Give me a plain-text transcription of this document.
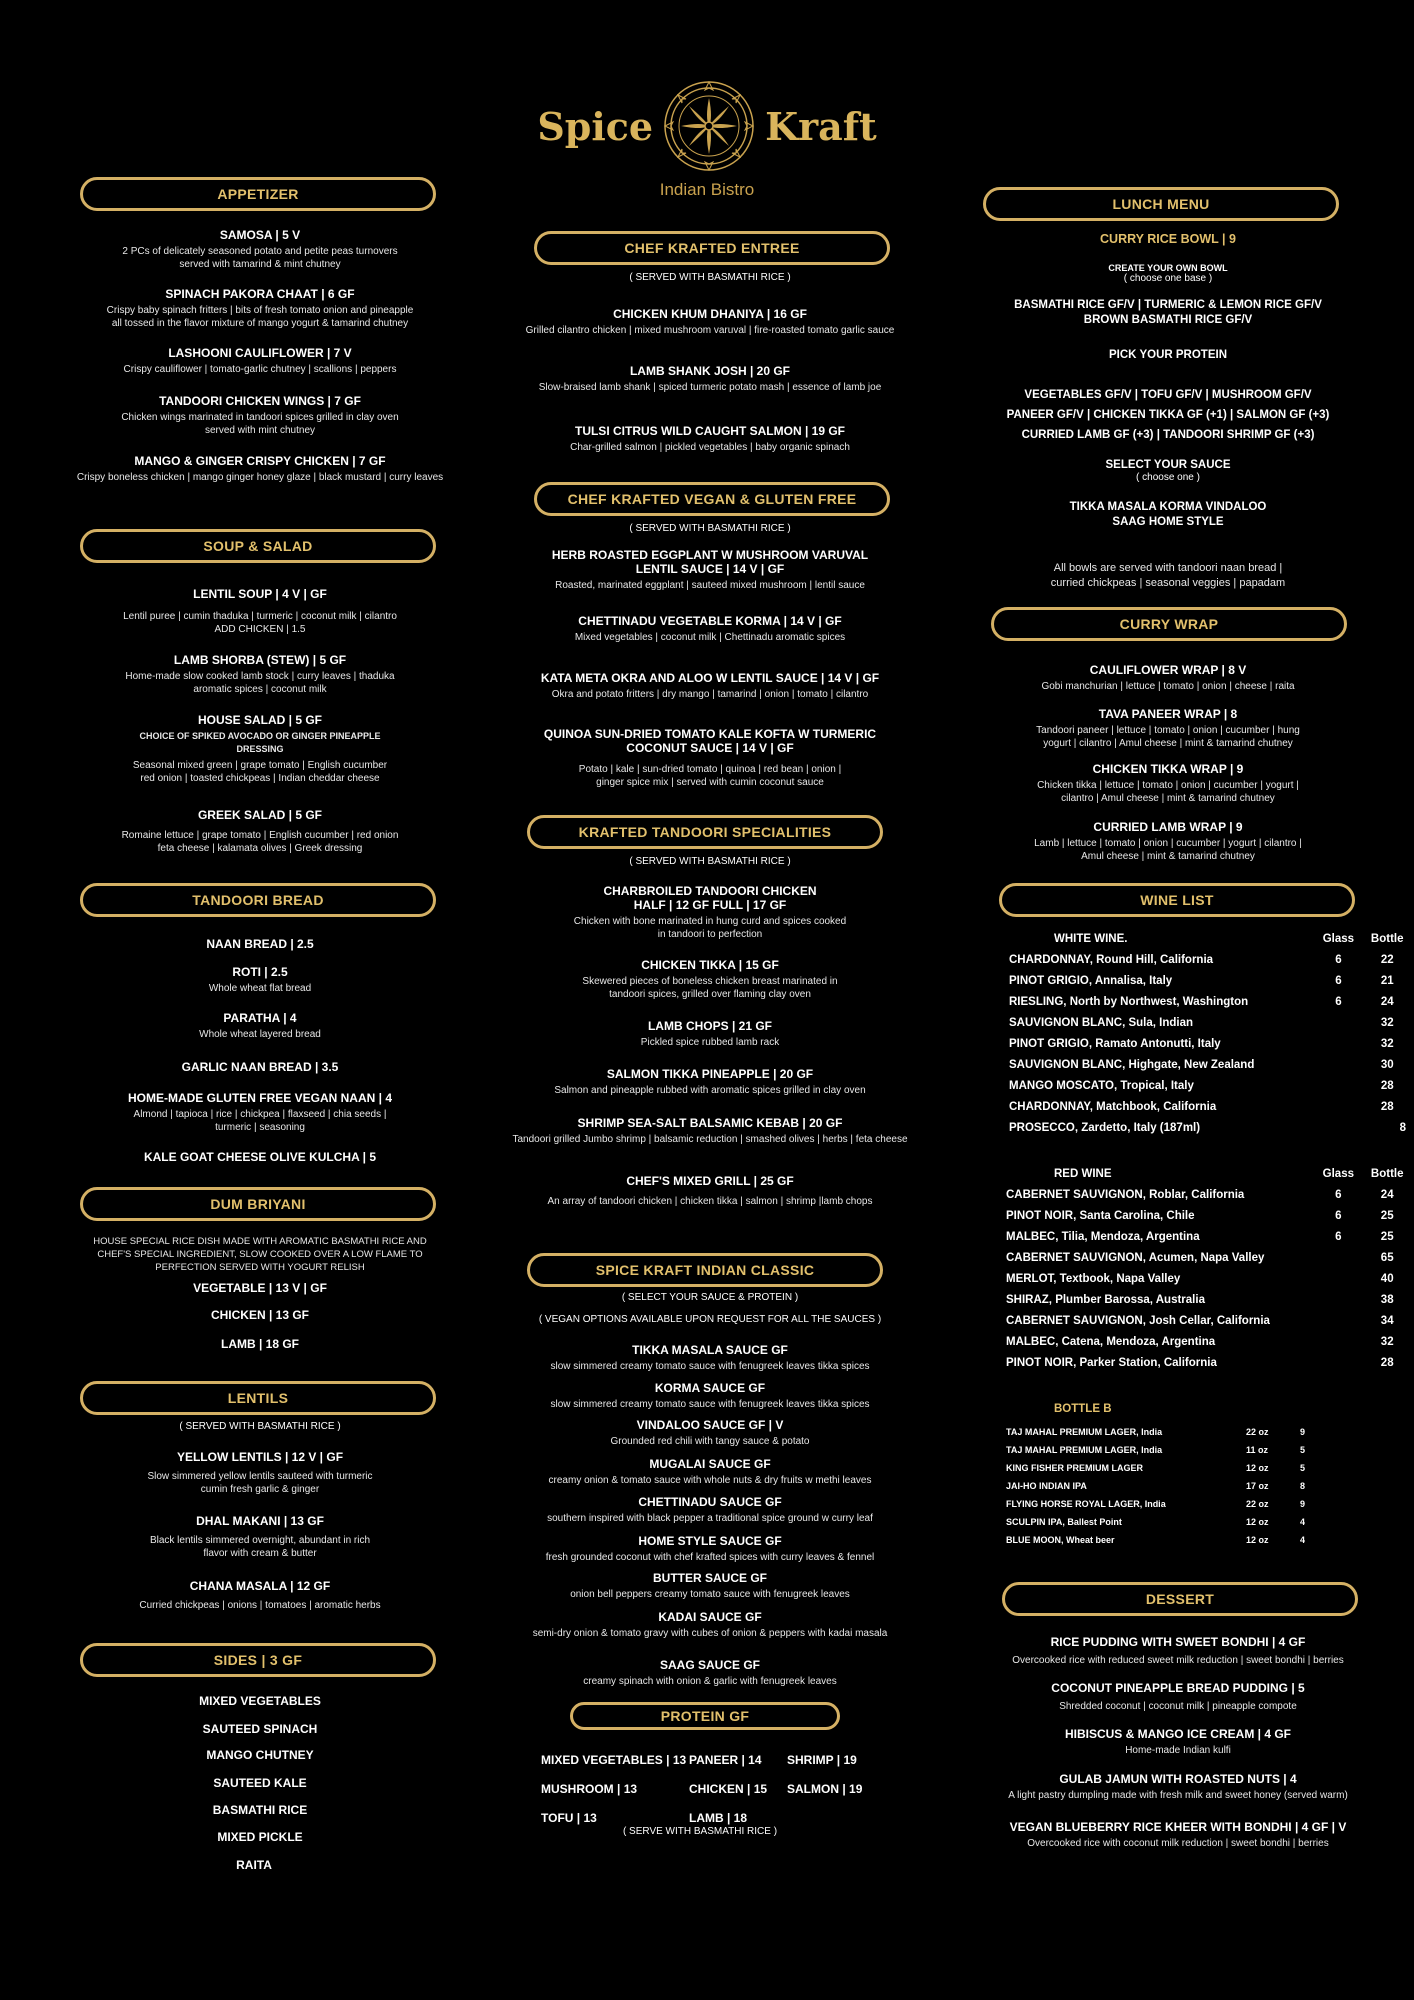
Spice	Kraft
Indian Bistro
APPETIZER
SAMOSA | 5 V
2 PCs of delicately seasoned potato and petite peas turnovers
served with tamarind & mint chutney
SPINACH PAKORA CHAAT | 6 GF
Crispy baby spinach fritters | bits of fresh tomato onion and pineapple
all tossed in the flavor mixture of mango yogurt & tamarind chutney
LASHOONI CAULIFLOWER | 7 V
Crispy cauliflower | tomato-garlic chutney | scallions | peppers
TANDOORI CHICKEN WINGS | 7 GF
Chicken wings marinated in tandoori spices grilled in clay oven
served with mint chutney
MANGO & GINGER CRISPY CHICKEN | 7 GF
Crispy boneless chicken | mango ginger honey glaze | black mustard | curry leaves
SOUP & SALAD
LENTIL SOUP | 4 V | GF
Lentil puree | cumin thaduka | turmeric | coconut milk | cilantro
ADD CHICKEN | 1.5
LAMB SHORBA (STEW) | 5 GF
Home-made slow cooked lamb stock | curry leaves | thaduka
aromatic spices | coconut milk
HOUSE SALAD | 5 GF
CHOICE OF SPIKED AVOCADO OR GINGER PINEAPPLE
DRESSING
Seasonal mixed green | grape tomato | English cucumber
red onion | toasted chickpeas | Indian cheddar cheese
GREEK SALAD | 5 GF
Romaine lettuce | grape tomato | English cucumber | red onion
feta cheese | kalamata olives | Greek dressing
TANDOORI BREAD
NAAN BREAD | 2.5
ROTI | 2.5
Whole wheat flat bread
PARATHA | 4
Whole wheat layered bread
GARLIC NAAN BREAD | 3.5
HOME-MADE GLUTEN FREE VEGAN NAAN | 4
Almond | tapioca | rice | chickpea | flaxseed | chia seeds |
turmeric | seasoning
KALE GOAT CHEESE OLIVE KULCHA | 5
DUM BRIYANI
HOUSE SPECIAL RICE DISH MADE WITH AROMATIC BASMATHI RICE AND
CHEF'S SPECIAL INGREDIENT, SLOW COOKED OVER A LOW FLAME TO
PERFECTION SERVED WITH YOGURT RELISH
VEGETABLE | 13 V | GF
CHICKEN | 13 GF
LAMB | 18 GF
LENTILS
( SERVED WITH BASMATHI RICE )
YELLOW LENTILS | 12 V | GF
Slow simmered yellow lentils sauteed with turmeric
cumin fresh garlic & ginger
DHAL MAKANI | 13 GF
Black lentils simmered overnight, abundant in rich
flavor with cream & butter
CHANA MASALA | 12 GF
Curried chickpeas | onions | tomatoes | aromatic herbs
SIDES | 3 GF
MIXED VEGETABLES
SAUTEED SPINACH
MANGO CHUTNEY
SAUTEED KALE
BASMATHI RICE
MIXED PICKLE
RAITA
CHEF KRAFTED ENTREE
( SERVED WITH BASMATHI RICE )
CHICKEN KHUM DHANIYA | 16 GF
Grilled cilantro chicken | mixed mushroom varuval | fire-roasted tomato garlic sauce
LAMB SHANK JOSH | 20 GF
Slow-braised lamb shank | spiced turmeric potato mash | essence of lamb joe
TULSI CITRUS WILD CAUGHT SALMON | 19 GF
Char-grilled salmon | pickled vegetables | baby organic spinach
CHEF KRAFTED VEGAN & GLUTEN FREE
( SERVED WITH BASMATHI RICE )
HERB ROASTED EGGPLANT W MUSHROOM VARUVAL
LENTIL SAUCE | 14 V | GF
Roasted, marinated eggplant | sauteed mixed mushroom | lentil sauce
CHETTINADU VEGETABLE KORMA | 14 V | GF
Mixed vegetables | coconut milk | Chettinadu aromatic spices
KATA META OKRA AND ALOO W LENTIL SAUCE | 14 V | GF
Okra and potato fritters | dry mango | tamarind | onion | tomato | cilantro
QUINOA SUN-DRIED TOMATO KALE KOFTA W TURMERIC
COCONUT SAUCE | 14 V | GF
Potato | kale | sun-dried tomato | quinoa | red bean | onion |
ginger spice mix | served with cumin coconut sauce
KRAFTED TANDOORI SPECIALITIES
( SERVED WITH BASMATHI RICE )
CHARBROILED TANDOORI CHICKEN
HALF | 12 GF FULL | 17 GF
Chicken with bone marinated in hung curd and spices cooked
in tandoori to perfection
CHICKEN TIKKA | 15 GF
Skewered pieces of boneless chicken breast marinated in
tandoori spices, grilled over flaming clay oven
LAMB CHOPS | 21 GF
Pickled spice rubbed lamb rack
SALMON TIKKA PINEAPPLE | 20 GF
Salmon and pineapple rubbed with aromatic spices grilled in clay oven
SHRIMP SEA-SALT BALSAMIC KEBAB | 20 GF
Tandoori grilled Jumbo shrimp | balsamic reduction | smashed olives | herbs | feta cheese
CHEF'S MIXED GRILL | 25 GF
An array of tandoori chicken | chicken tikka | salmon | shrimp |lamb chops
SPICE KRAFT INDIAN CLASSIC
( SELECT YOUR SAUCE & PROTEIN )
( VEGAN OPTIONS AVAILABLE UPON REQUEST FOR ALL THE SAUCES )
TIKKA MASALA SAUCE GF
slow simmered creamy tomato sauce with fenugreek leaves tikka spices
KORMA SAUCE GF
slow simmered creamy tomato sauce with fenugreek leaves tikka spices
VINDALOO SAUCE GF | V
Grounded red chili with tangy sauce & potato
MUGALAI SAUCE GF
creamy onion & tomato sauce with whole nuts & dry fruits w methi leaves
CHETTINADU SAUCE GF
southern inspired with black pepper a traditional spice ground w curry leaf
HOME STYLE SAUCE GF
fresh grounded coconut with chef krafted spices with curry leaves & fennel
BUTTER SAUCE GF
onion bell peppers creamy tomato sauce with fenugreek leaves
KADAI SAUCE GF
semi-dry onion & tomato gravy with cubes of onion & peppers with kadai masala
SAAG SAUCE GF
creamy spinach with onion & garlic with fenugreek leaves
PROTEIN GF
MIXED VEGETABLES | 13	PANEER | 14	SHRIMP | 19
MUSHROOM | 13	CHICKEN | 15	SALMON | 19
TOFU | 13	LAMB | 18	
( SERVE WITH BASMATHI RICE )
LUNCH MENU
CURRY RICE BOWL | 9
CREATE YOUR OWN BOWL
( choose one base )
BASMATHI RICE GF/V | TURMERIC & LEMON RICE GF/V
BROWN BASMATHI RICE GF/V
PICK YOUR PROTEIN
VEGETABLES GF/V | TOFU GF/V | MUSHROOM GF/V
PANEER GF/V | CHICKEN TIKKA GF (+1) | SALMON GF (+3)
CURRIED LAMB GF (+3) | TANDOORI SHRIMP GF (+3)
SELECT YOUR SAUCE
( choose one )
TIKKA MASALA KORMA VINDALOO
SAAG HOME STYLE
All bowls are served with tandoori naan bread |
curried chickpeas | seasonal veggies | papadam
CURRY WRAP
CAULIFLOWER WRAP | 8 V
Gobi manchurian | lettuce | tomato | onion | cheese | raita
TAVA PANEER WRAP | 8
Tandoori paneer | lettuce | tomato | onion | cucumber | hung
yogurt | cilantro | Amul cheese | mint & tamarind chutney
CHICKEN TIKKA WRAP | 9
Chicken tikka | lettuce | tomato | onion | cucumber | yogurt |
cilantro | Amul cheese | mint & tamarind chutney
CURRIED LAMB WRAP | 9
Lamb | lettuce | tomato | onion | cucumber | yogurt | cilantro |
Amul cheese | mint & tamarind chutney
WINE LIST
WHITE WINE.	Glass	Bottle
CHARDONNAY, Round Hill, California	6	22
PINOT GRIGIO, Annalisa, Italy	6	21
RIESLING, North by Northwest, Washington	6	24
SAUVIGNON BLANC, Sula, Indian		32
PINOT GRIGIO, Ramato Antonutti, Italy		32
SAUVIGNON BLANC, Highgate, New Zealand		30
MANGO MOSCATO, Tropical, Italy		28
CHARDONNAY, Matchbook, California		28
PROSECCO, Zardetto, Italy (187ml)		8
RED WINE	Glass	Bottle
CABERNET SAUVIGNON, Roblar, California	6	24
PINOT NOIR, Santa Carolina, Chile	6	25
MALBEC, Tilia, Mendoza, Argentina	6	25
CABERNET SAUVIGNON, Acumen, Napa Valley		65
MERLOT, Textbook, Napa Valley		40
SHIRAZ, Plumber Barossa, Australia		38
CABERNET SAUVIGNON, Josh Cellar, California		34
MALBEC, Catena, Mendoza, Argentina		32
PINOT NOIR, Parker Station, California		28
BOTTLE B
TAJ MAHAL PREMIUM LAGER, India	22 oz	9
TAJ MAHAL PREMIUM LAGER, India	11 oz	5
KING FISHER PREMIUM LAGER	12 oz	5
JAI-HO INDIAN IPA	17 oz	8
FLYING HORSE ROYAL LAGER, India	22 oz	9
SCULPIN IPA, Ballest Point	12 oz	4
BLUE MOON, Wheat beer	12 oz	4
DESSERT
RICE PUDDING WITH SWEET BONDHI | 4 GF
Overcooked rice with reduced sweet milk reduction | sweet bondhi | berries
COCONUT PINEAPPLE BREAD PUDDING | 5
Shredded coconut | coconut milk | pineapple compote
HIBISCUS & MANGO ICE CREAM | 4 GF
Home-made Indian kulfi
GULAB JAMUN WITH ROASTED NUTS | 4
A light pastry dumpling made with fresh milk and sweet honey (served warm)
VEGAN BLUEBERRY RICE KHEER WITH BONDHI | 4 GF | V
Overcooked rice with coconut milk reduction | sweet bondhi | berries
